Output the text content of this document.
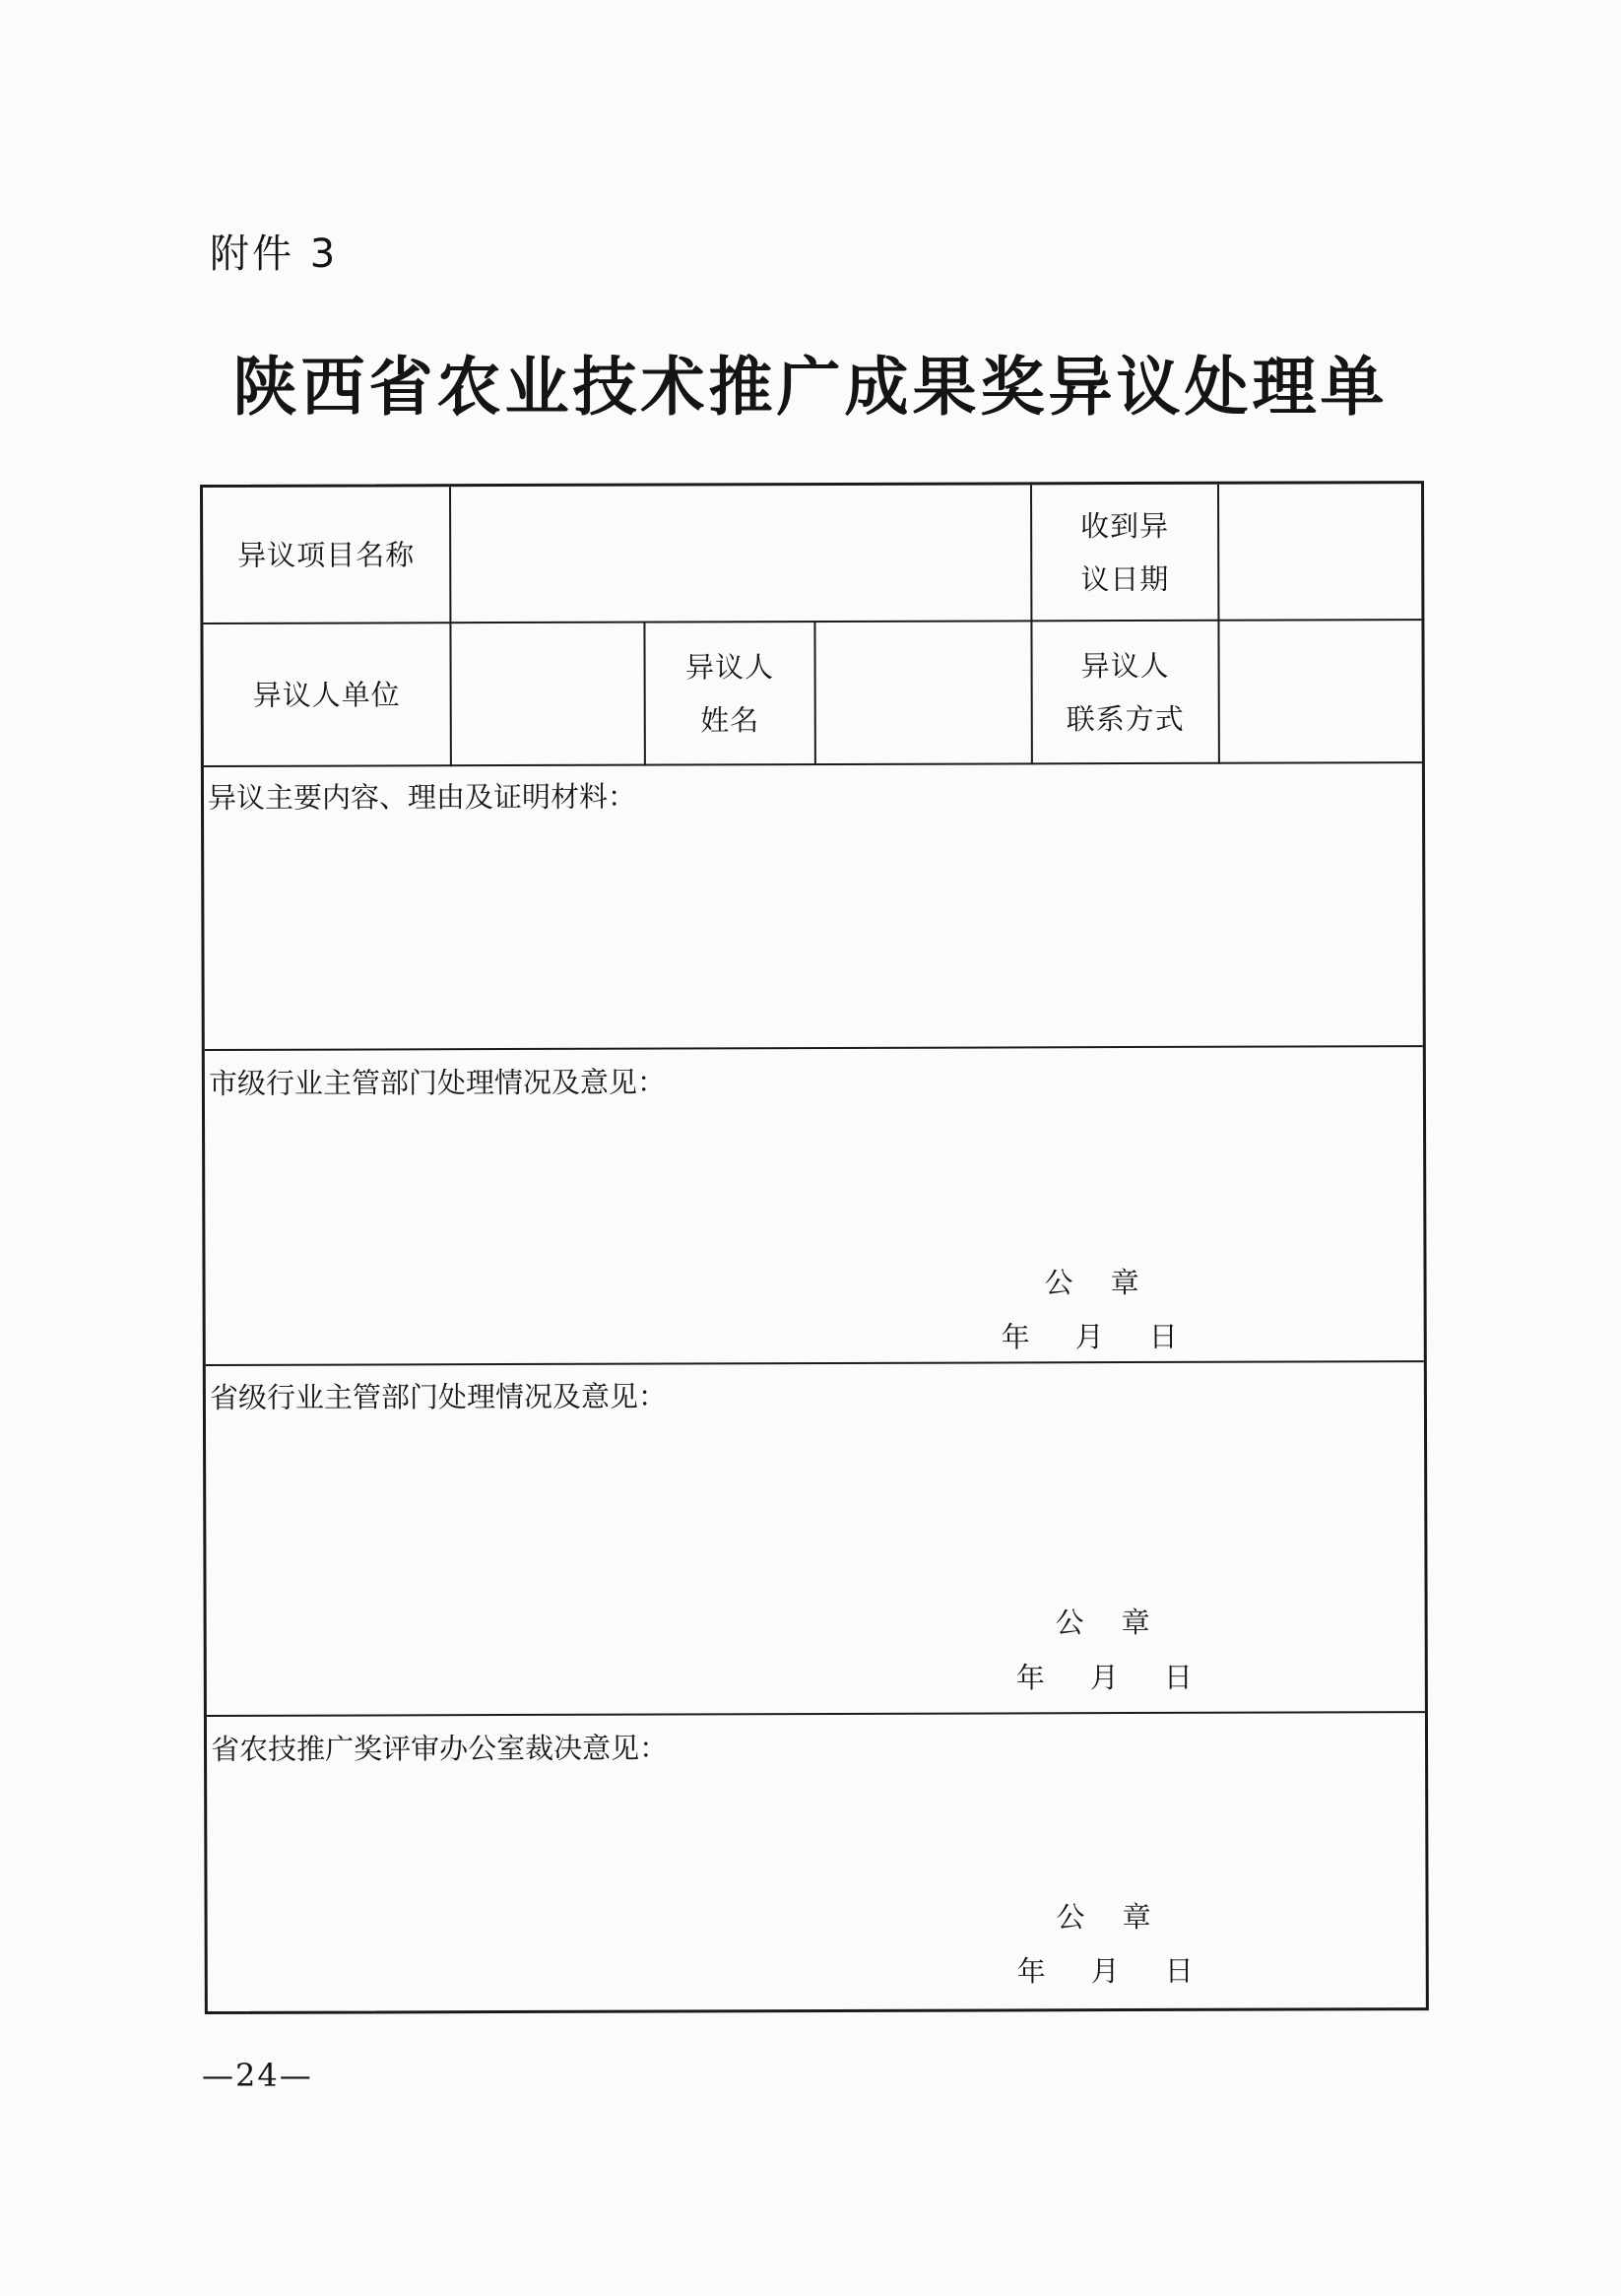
附件 3
陕西省农业技术推广成果奖异议处理单
异议项目名称
收到异
议日期
异议人单位
异议人
姓名
异议人
联系方式
异议主要内容、理由及证明材料：
市级行业主管部门处理情况及意见：
公章
年 月 日
省级行业主管部门处理情况及意见：
公章
年 月 日
省农技推广奖评审办公室裁决意见：
公章
年 月 日
—24—
